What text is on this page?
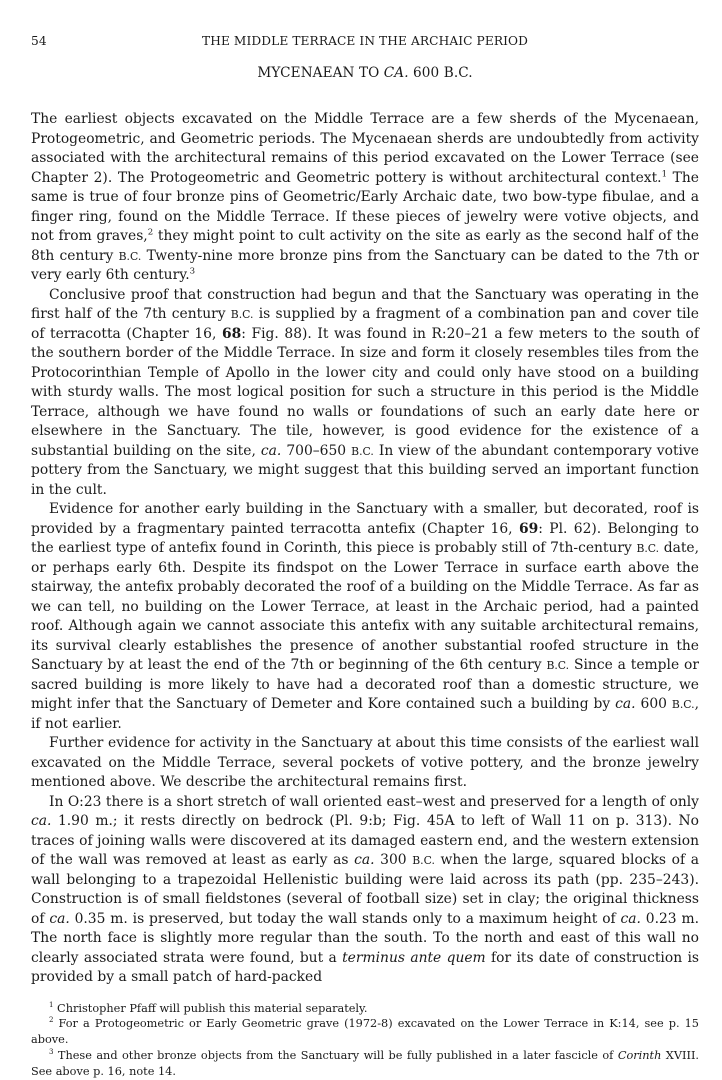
54	THE MIDDLE TERRACE IN THE ARCHAIC PERIOD
MYCENAEAN TO CA. 600 B.C.

The earliest objects excavated on the Middle Terrace are a few sherds of the Mycenaean, Protogeometric, and Geometric periods. The Mycenaean sherds are undoubtedly from activity associated with the architectural remains of this period excavated on the Lower Terrace (see Chapter 2). The Protogeometric and Geometric pottery is without architectural context.$^1$ The same is true of four bronze pins of Geometric/Early Archaic date, two bow-type fibulae, and a finger ring, found on the Middle Terrace. If these pieces of jewelry were votive objects, and not from graves,$^2$ they might point to cult activity on the site as early as the second half of the 8th century B.C. Twenty-nine more bronze pins from the Sanctuary can be dated to the 7th or very early 6th century.$^3$

Conclusive proof that construction had begun and that the Sanctuary was operating in the first half of the 7th century B.C. is supplied by a fragment of a combination pan and cover tile of terracotta (Chapter 16, 68: Fig. 88). It was found in R:20–21 a few meters to the south of the southern border of the Middle Terrace. In size and form it closely resembles tiles from the Protocorinthian Temple of Apollo in the lower city and could only have stood on a building with sturdy walls. The most logical position for such a structure in this period is the Middle Terrace, although we have found no walls or foundations of such an early date here or elsewhere in the Sanctuary. The tile, however, is good evidence for the existence of a substantial building on the site, ca. 700–650 B.C. In view of the abundant contemporary votive pottery from the Sanctuary, we might suggest that this building served an important function in the cult.

Evidence for another early building in the Sanctuary with a smaller, but decorated, roof is provided by a fragmentary painted terracotta antefix (Chapter 16, 69: Pl. 62). Belonging to the earliest type of antefix found in Corinth, this piece is probably still of 7th-century B.C. date, or perhaps early 6th. Despite its findspot on the Lower Terrace in surface earth above the stairway, the antefix probably decorated the roof of a building on the Middle Terrace. As far as we can tell, no building on the Lower Terrace, at least in the Archaic period, had a painted roof. Although again we cannot associate this antefix with any suitable architectural remains, its survival clearly establishes the presence of another substantial roofed structure in the Sanctuary by at least the end of the 7th or beginning of the 6th century B.C. Since a temple or sacred building is more likely to have had a decorated roof than a domestic structure, we might infer that the Sanctuary of Demeter and Kore contained such a building by ca. 600 B.C., if not earlier.

Further evidence for activity in the Sanctuary at about this time consists of the earliest wall excavated on the Middle Terrace, several pockets of votive pottery, and the bronze jewelry mentioned above. We describe the architectural remains first.

In O:23 there is a short stretch of wall oriented east–west and preserved for a length of only ca. 1.90 m.; it rests directly on bedrock (Pl. 9:b; Fig. 45A to left of Wall 11 on p. 313). No traces of joining walls were discovered at its damaged eastern end, and the western extension of the wall was removed at least as early as ca. 300 B.C. when the large, squared blocks of a wall belonging to a trapezoidal Hellenistic building were laid across its path (pp. 235–243). Construction is of small fieldstones (several of football size) set in clay; the original thickness of ca. 0.35 m. is preserved, but today the wall stands only to a maximum height of ca. 0.23 m. The north face is slightly more regular than the south. To the north and east of this wall no clearly associated strata were found, but a terminus ante quem for its date of construction is provided by a small patch of hard-packed

$^1$ Christopher Pfaff will publish this material separately.

$^2$ For a Protogeometric or Early Geometric grave (1972-8) excavated on the Lower Terrace in K:14, see p. 15 above.

$^3$ These and other bronze objects from the Sanctuary will be fully published in a later fascicle of Corinth XVIII. See above p. 16, note 14.
